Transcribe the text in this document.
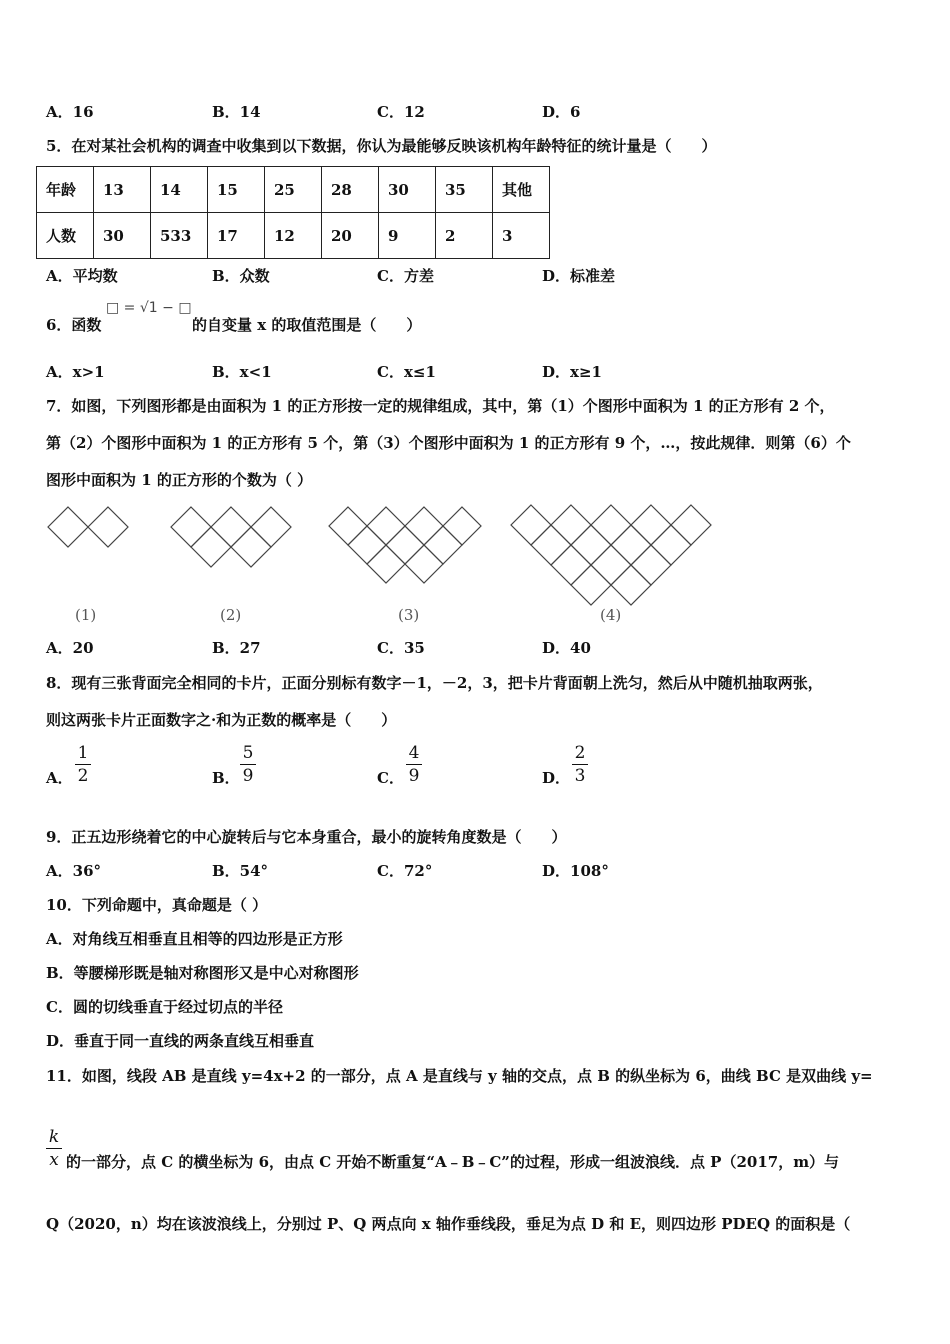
A．16	B．14	C．12	D．6
5．在对某社会机构的调查中收集到以下数据，你认为最能够反映该机构年龄特征的统计量是（　　）
年龄	13	14	15	25	28	30	35	其他
人数	30	533	17	12	20	9	2	3
A．平均数	B．众数	C．方差	D．标准差
6．函数
□ = √1 − □
的自变量 x 的取值范围是（　　）
A．x>1	B．x<1	C．x≤1	D．x≥1
7．如图，下列图形都是由面积为 1 的正方形按一定的规律组成，其中，第（1）个图形中面积为 1 的正方形有 2 个，
第（2）个图形中面积为 1 的正方形有 5 个，第（3）个图形中面积为 1 的正方形有 9 个，…，按此规律．则第（6）个
图形中面积为 1 的正方形的个数为（ ）
(1)	(2)	(3)	(4)
A．20	B．27	C．35	D．40
8．现有三张背面完全相同的卡片，正面分别标有数字－1，－2，3，把卡片背面朝上洗匀，然后从中随机抽取两张，
则这两张卡片正面数字之·和为正数的概率是（　　）
A．
1
2	B．
5
9	C．
4
9	D．
2
3
9．正五边形绕着它的中心旋转后与它本身重合，最小的旋转角度数是（　　）
A．36°	B．54°	C．72°	D．108°
10．下列命题中，真命题是（ ）
A．对角线互相垂直且相等的四边形是正方形
B．等腰梯形既是轴对称图形又是中心对称图形
C．圆的切线垂直于经过切点的半径
D．垂直于同一直线的两条直线互相垂直
11．如图，线段 AB 是直线 y=4x+2 的一部分，点 A 是直线与 y 轴的交点，点 B 的纵坐标为 6，曲线 BC 是双曲线 y=
k
x 的一部分，点 C 的横坐标为 6，由点 C 开始不断重复“A﹣B﹣C”的过程，形成一组波浪线．点 P（2017，m）与
Q（2020，n）均在该波浪线上，分别过 P、Q 两点向 x 轴作垂线段，垂足为点 D 和 E，则四边形 PDEQ 的面积是（
